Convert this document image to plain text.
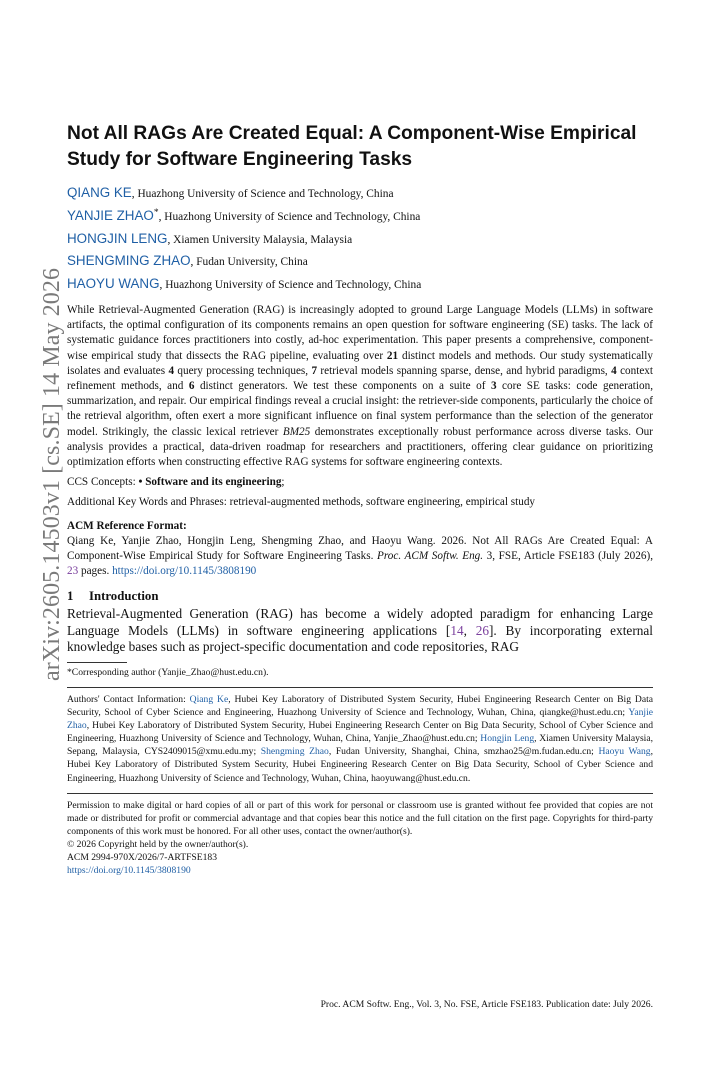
arXiv:2605.14503v1 [cs.SE] 14 May 2026
Not All RAGs Are Created Equal: A Component-Wise Empirical Study for Software Engineering Tasks
QIANG KE, Huazhong University of Science and Technology, China
YANJIE ZHAO*, Huazhong University of Science and Technology, China
HONGJIN LENG, Xiamen University Malaysia, Malaysia
SHENGMING ZHAO, Fudan University, China
HAOYU WANG, Huazhong University of Science and Technology, China

While Retrieval-Augmented Generation (RAG) is increasingly adopted to ground Large Language Models (LLMs) in software artifacts, the optimal configuration of its components remains an open question for software engineering (SE) tasks. The lack of systematic guidance forces practitioners into costly, ad-hoc experimentation. This paper presents a comprehensive, component-wise empirical study that dissects the RAG pipeline, evaluating over 21 distinct models and methods. Our study systematically isolates and evaluates 4 query processing techniques, 7 retrieval models spanning sparse, dense, and hybrid paradigms, 4 context refinement methods, and 6 distinct generators. We test these components on a suite of 3 core SE tasks: code generation, summarization, and repair. Our empirical findings reveal a crucial insight: the retriever-side components, particularly the choice of the retrieval algorithm, often exert a more significant influence on final system performance than the selection of the generator model. Strikingly, the classic lexical retriever BM25 demonstrates exceptionally robust performance across diverse tasks. Our analysis provides a practical, data-driven roadmap for researchers and practitioners, offering clear guidance on prioritizing optimization efforts when constructing effective RAG systems for software engineering contexts.

CCS Concepts: • Software and its engineering;

Additional Key Words and Phrases: retrieval-augmented methods, software engineering, empirical study

ACM Reference Format:

Qiang Ke, Yanjie Zhao, Hongjin Leng, Shengming Zhao, and Haoyu Wang. 2026. Not All RAGs Are Created Equal: A Component-Wise Empirical Study for Software Engineering Tasks. Proc. ACM Softw. Eng. 3, FSE, Article FSE183 (July 2026), 23 pages. https://doi.org/10.1145/3808190

1 Introduction

Retrieval-Augmented Generation (RAG) has become a widely adopted paradigm for enhancing Large Language Models (LLMs) in software engineering applications [14, 26]. By incorporating external knowledge bases such as project-specific documentation and code repositories, RAG

*Corresponding author (Yanjie_Zhao@hust.edu.cn).

Authors' Contact Information: Qiang Ke, Hubei Key Laboratory of Distributed System Security, Hubei Engineering Research Center on Big Data Security, School of Cyber Science and Engineering, Huazhong University of Science and Technology, Wuhan, China, qiangke@hust.edu.cn; Yanjie Zhao, Hubei Key Laboratory of Distributed System Security, Hubei Engineering Research Center on Big Data Security, School of Cyber Science and Engineering, Huazhong University of Science and Technology, Wuhan, China, Yanjie_Zhao@hust.edu.cn; Hongjin Leng, Xiamen University Malaysia, Sepang, Malaysia, CYS2409015@xmu.edu.my; Shengming Zhao, Fudan University, Shanghai, China, smzhao25@m.fudan.edu.cn; Haoyu Wang, Hubei Key Laboratory of Distributed System Security, Hubei Engineering Research Center on Big Data Security, School of Cyber Science and Engineering, Huazhong University of Science and Technology, Wuhan, China, haoyuwang@hust.edu.cn.

Permission to make digital or hard copies of all or part of this work for personal or classroom use is granted without fee provided that copies are not made or distributed for profit or commercial advantage and that copies bear this notice and the full citation on the first page. Copyrights for third-party components of this work must be honored. For all other uses, contact the owner/author(s).

© 2026 Copyright held by the owner/author(s).
ACM 2994-970X/2026/7-ARTFSE183
https://doi.org/10.1145/3808190
Proc. ACM Softw. Eng., Vol. 3, No. FSE, Article FSE183. Publication date: July 2026.
